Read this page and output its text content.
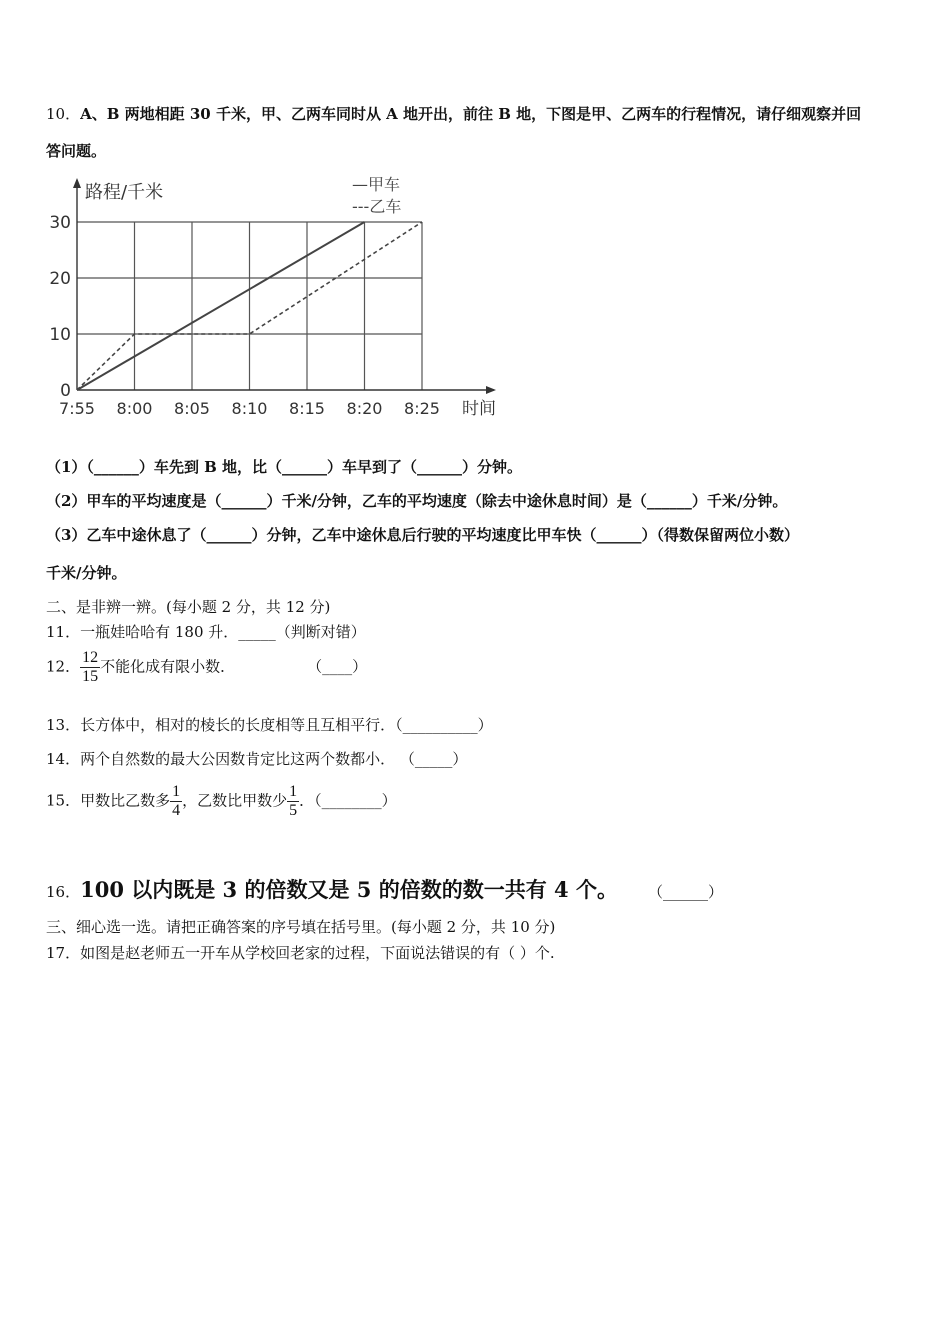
10．A、B 两地相距 30 千米，甲、乙两车同时从 A 地开出，前往 B 地，下图是甲、乙两车的行程情况，请仔细观察并回
答问题。
0
10
20
30
7:55 8:00 8:05 8:10 8:15 8:20 8:25
路程/千米
时间
—甲车
---乙车
（1）（______）车先到 B 地，比（______）车早到了（______）分钟。
（2）甲车的平均速度是（______）千米/分钟，乙车的平均速度（除去中途休息时间）是（______）千米/分钟。
（3）乙车中途休息了（______）分钟，乙车中途休息后行驶的平均速度比甲车快（______）（得数保留两位小数）
千米/分钟。
二、是非辨一辨。(每小题 2 分，共 12 分)
11．一瓶娃哈哈有 180 升．_____（判断对错）
12． $\frac{12}{15}$ 不能化成有限小数．	（____）
13．长方体中，相对的棱长的长度相等且互相平行．（__________）
14．两个自然数的最大公因数肯定比这两个数都小． （_____）
15．甲数比乙数多 $\frac{1}{4}$ ，乙数比甲数少 $\frac{1}{5}$ ．（________）
16．100 以内既是 3 的倍数又是 5 的倍数的数一共有 4 个。 （______）
三、细心选一选。请把正确答案的序号填在括号里。(每小题 2 分，共 10 分)
17．如图是赵老师五一开车从学校回老家的过程，下面说法错误的有（ ）个.
